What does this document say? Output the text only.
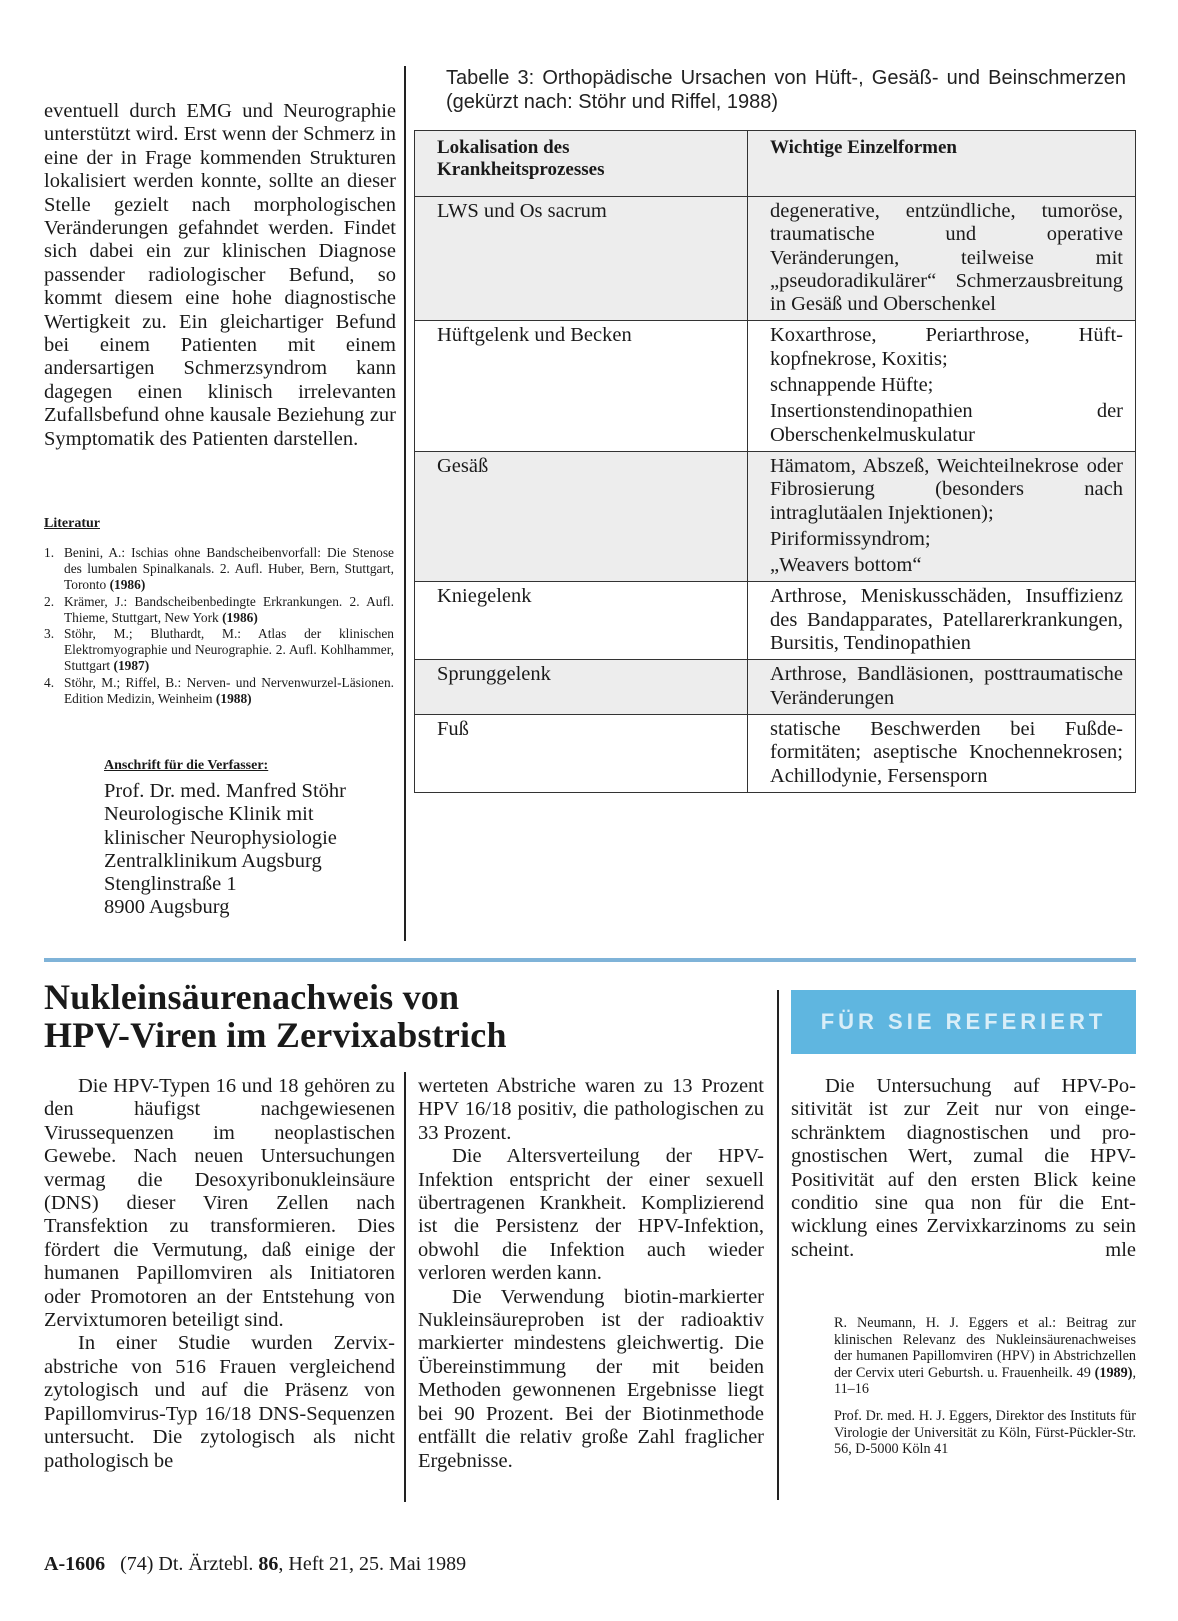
eventuell durch EMG und Neurographie unterstützt wird. Erst wenn der Schmerz in eine der in Frage kommenden Strukturen lokalisiert werden konnte, sollte an dieser Stelle gezielt nach morphologischen Veränderungen gefahndet werden. Findet sich dabei ein zur klinischen Diagnose passender radiologischer Befund, so kommt diesem eine hohe diagnostische Wertigkeit zu. Ein gleichartiger Befund bei einem Patienten mit einem andersartigen Schmerzsyndrom kann dagegen einen klinisch irrelevanten Zufallsbefund ohne kausale Beziehung zur Symptomatik des Patienten darstellen.

Literatur
1. Benini, A.: Ischias ohne Bandscheibenvorfall: Die Stenose des lumbalen Spinalkanals. 2. Aufl. Huber, Bern, Stuttgart, Toronto (1986)
2. Krämer, J.: Bandscheibenbedingte Erkrankungen. 2. Aufl. Thieme, Stuttgart, New York (1986)
3. Stöhr, M.; Bluthardt, M.: Atlas der klinischen Elektromyographie und Neurographie. 2. Aufl. Kohlhammer, Stuttgart (1987)
4. Stöhr, M.; Riffel, B.: Nerven- und Nervenwurzel-Läsionen. Edition Medizin, Weinheim (1988)
Anschrift für die Verfasser:
Prof. Dr. med. Manfred Stöhr
Neurologische Klinik mit
klinischer Neurophysiologie
Zentralklinikum Augsburg
Stenglinstraße 1
8900 Augsburg
Tabelle 3: Orthopädische Ursachen von Hüft-, Gesäß- und Beinschmerzen (gekürzt nach: Stöhr und Riffel, 1988)
Lokalisation des Krankheitsprozesses	Wichtige Einzelformen
LWS und Os sacrum	degenerative, entzündliche, tumoröse, traumatische und operative Veränderungen, teilweise mit „pseudoradikulärer“ Schmerzausbreitung in Gesäß und Oberschenkel

Hüftgelenk und Becken	Koxarthrose, Periarthrose, Hüftkopfnekrose, Koxitis;
schnappende Hüfte;
Insertionstendinopathien der Oberschenkelmuskulatur

Gesäß	Hämatom, Abszeß, Weichteilnekrose oder Fibrosierung (besonders nach intraglutäalen Injektionen);
Piriformissyndrom;
„Weavers bottom“

Kniegelenk	Arthrose, Meniskusschäden, Insuffizienz des Bandapparates, Patellarerkrankungen, Bursitis, Tendinopathien

Sprunggelenk	Arthrose, Bandläsionen, posttraumatische Veränderungen

Fuß	statische Beschwerden bei Fußdeformitäten; aseptische Knochennekrosen; Achillodynie, Fersensporn
Nukleinsäurenachweis von
HPV-Viren im Zervixabstrich	FÜR SIE REFERIERT

Die HPV-Typen 16 und 18 gehören zu den häufigst nachgewiesenen Virussequenzen im neoplastischen Gewebe. Nach neuen Untersuchungen vermag die Desoxyribonukleinsäure (DNS) dieser Viren Zellen nach Transfektion zu transformieren. Dies fördert die Vermutung, daß einige der humanen Papillomviren als Initiatoren oder Promotoren an der Entstehung von Zervixtumoren beteiligt sind.

In einer Studie wurden Zervixabstriche von 516 Frauen vergleichend zytologisch und auf die Präsenz von Papillomvirus-Typ 16/18 DNS-Sequenzen untersucht. Die zytologisch als nicht pathologisch be

werteten Abstriche waren zu 13 Prozent HPV 16/18 positiv, die pathologischen zu 33 Prozent.

Die Altersverteilung der HPV-Infektion entspricht der einer sexuell übertragenen Krankheit. Komplizierend ist die Persistenz der HPV-Infektion, obwohl die Infektion auch wieder verloren werden kann.

Die Verwendung biotin-markierter Nukleinsäureproben ist der radioaktiv markierter mindestens gleichwertig. Die Übereinstimmung der mit beiden Methoden gewonnenen Ergebnisse liegt bei 90 Prozent. Bei der Biotinmethode entfällt die relativ große Zahl fraglicher Ergebnisse.

Die Untersuchung auf HPV-Positivität ist zur Zeit nur von eingeschränktem diagnostischen und prognostischen Wert, zumal die HPV-Positivität auf den ersten Blick keine conditio sine qua non für die Entwicklung eines Zervixkarzinoms zu sein scheint.	mle

R. Neumann, H. J. Eggers et al.: Beitrag zur klinischen Relevanz des Nukleinsäurenachweises der humanen Papillomviren (HPV) in Abstrichzellen der Cervix uteri Geburtsh. u. Frauenheilk. 49 (1989), 11–16

Prof. Dr. med. H. J. Eggers, Direktor des Instituts für Virologie der Universität zu Köln, Fürst-Pückler-Str. 56, D-5000 Köln 41

A-1606 (74) Dt. Ärztebl. 86, Heft 21, 25. Mai 1989
